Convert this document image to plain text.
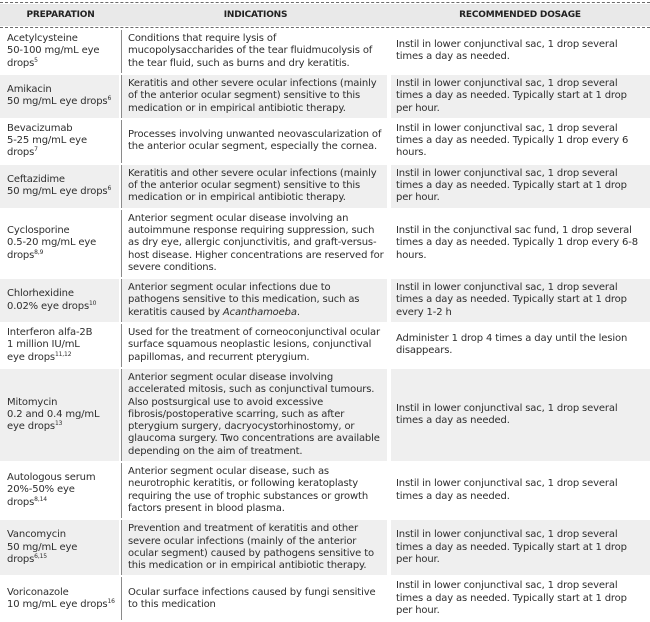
PREPARATION	INDICATIONS	RECOMMENDED DOSAGE
Acetylcysteine
50-100 mg/mL eye drops$^5$
Conditions that require lysis of mucopolysaccharides of the tear fluidmucolysis of the tear fluid, such as burns and dry keratitis.
Instil in lower conjunctival sac, 1 drop several times a day as needed.
Amikacin
50 mg/mL eye drops$^6$
Keratitis and other severe ocular infections (mainly of the anterior ocular segment) sensitive to this medication or in empirical antibiotic therapy.
Instil in lower conjunctival sac, 1 drop several times a day as needed. Typically start at 1 drop per hour.
Bevacizumab
5-25 mg/mL eye drops$^7$
Processes involving unwanted neovascularization of the anterior ocular segment, especially the cornea.
Instil in lower conjunctival sac, 1 drop several times a day as needed. Typically 1 drop every 6 hours.
Ceftazidime
50 mg/mL eye drops$^6$
Keratitis and other severe ocular infections (mainly of the anterior ocular segment) sensitive to this medication or in empirical antibiotic therapy.
Instil in lower conjunctival sac, 1 drop several times a day as needed. Typically start at 1 drop per hour.
Cyclosporine
0.5-20 mg/mL eye drops$^{8,9}$
Anterior segment ocular disease involving an autoimmune response requiring suppression, such as dry eye, allergic conjunctivitis, and graft-versus-host disease. Higher concentrations are reserved for severe conditions.
Instil in the conjunctival sac fund, 1 drop several times a day as needed. Typically 1 drop every 6-8 hours.
Chlorhexidine
0.02% eye drops$^{10}$
Anterior segment ocular infections due to pathogens sensitive to this medication, such as keratitis caused by Acanthamoeba.
Instil in lower conjunctival sac, 1 drop several times a day as needed. Typically start at 1 drop every 1-2 h
Interferon alfa-2B
1 million IU/mL
eye drops$^{11,12}$
Used for the treatment of corneoconjunctival ocular surface squamous neoplastic lesions, conjunctival papillomas, and recurrent pterygium.
Administer 1 drop 4 times a day until the lesion disappears.
Mitomycin
0.2 and 0.4 mg/mL
eye drops$^{13}$
Anterior segment ocular disease involving accelerated mitosis, such as conjunctival tumours. Also postsurgical use to avoid excessive fibrosis/postoperative scarring, such as after pterygium surgery, dacryocystorhinostomy, or glaucoma surgery. Two concentrations are available depending on the aim of treatment.
Instil in lower conjunctival sac, 1 drop several times a day as needed.
Autologous serum
20%-50% eye drops$^{8,14}$
Anterior segment ocular disease, such as neurotrophic keratitis, or following keratoplasty requiring the use of trophic substances or growth factors present in blood plasma.
Instil in lower conjunctival sac, 1 drop several times a day as needed.
Vancomycin
50 mg/mL eye drops$^{6,15}$
Prevention and treatment of keratitis and other severe ocular infections (mainly of the anterior ocular segment) caused by pathogens sensitive to this medication or in empirical antibiotic therapy.
Instil in lower conjunctival sac, 1 drop several times a day as needed. Typically start at 1 drop per hour.
Voriconazole
10 mg/mL eye drops$^{16}$
Ocular surface infections caused by fungi sensitive to this medication
Instil in lower conjunctival sac, 1 drop several times a day as needed. Typically start at 1 drop per hour.
